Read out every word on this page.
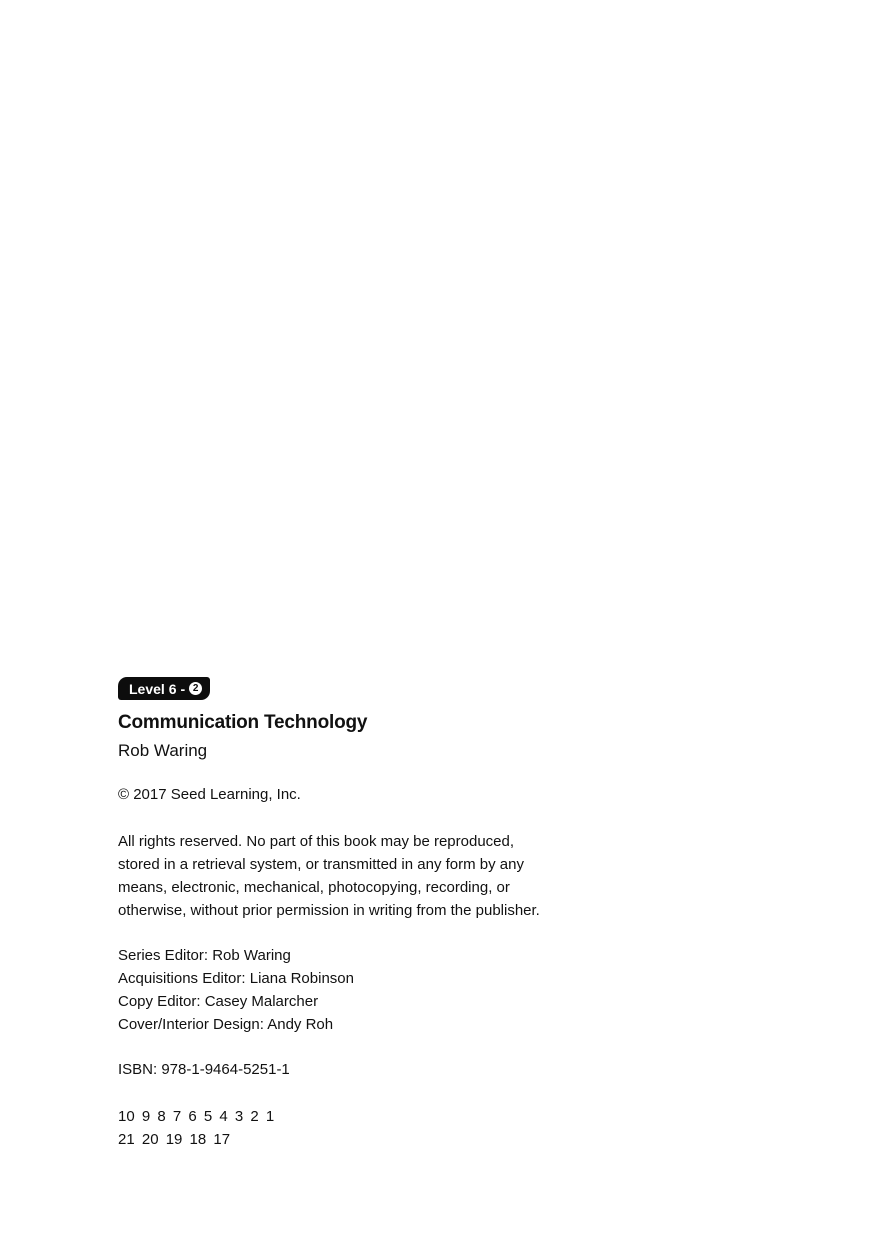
Level 6 - 2
Communication Technology
Rob Waring
© 2017 Seed Learning, Inc.
All rights reserved. No part of this book may be reproduced,
stored in a retrieval system, or transmitted in any form by any
means, electronic, mechanical, photocopying, recording, or
otherwise, without prior permission in writing from the publisher.
Series Editor: Rob Waring
Acquisitions Editor: Liana Robinson
Copy Editor: Casey Malarcher
Cover/Interior Design: Andy Roh
ISBN: 978-1-9464-5251-1
10 9 8 7 6 5 4 3 2 1
21 20 19 18 17
